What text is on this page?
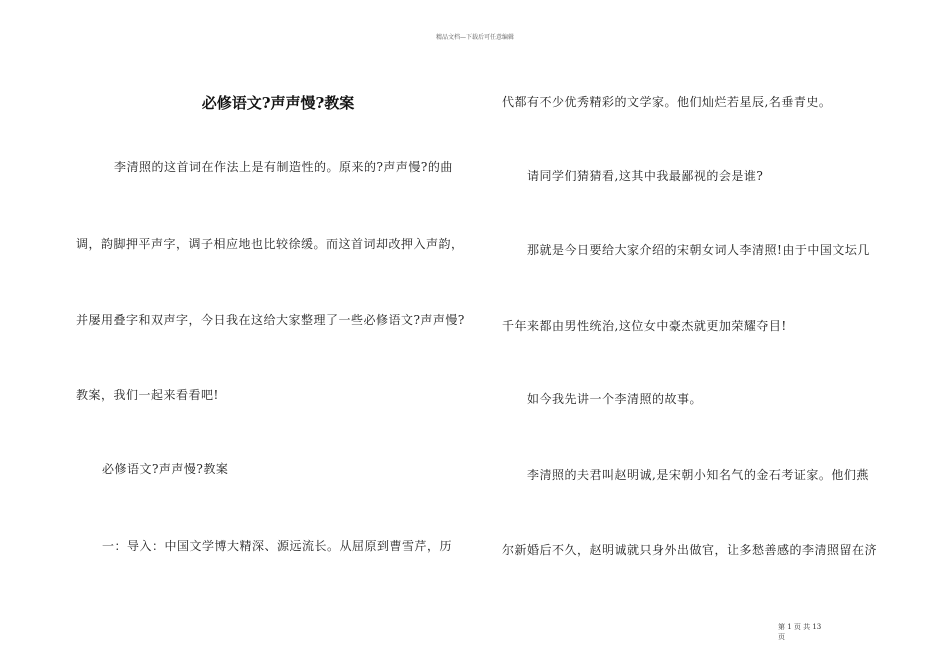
精品文档—下载后可任意编辑
必修语文?声声慢?教案
李清照的这首词在作法上是有制造性的。原来的?声声慢?的曲
调，韵脚押平声字，调子相应地也比较徐缓。而这首词却改押入声韵，
并屡用叠字和双声字，今日我在这给大家整理了一些必修语文?声声慢?
教案，我们一起来看看吧!
必修语文?声声慢?教案
一：导入：中国文学博大精深、源远流长。从屈原到曹雪芹，历
代都有不少优秀精彩的文学家。他们灿烂若星辰,名垂青史。
请同学们猜猜看,这其中我最鄙视的会是谁?
那就是今日要给大家介绍的宋朝女词人李清照!由于中国文坛几
千年来都由男性统治,这位女中豪杰就更加荣耀夺目!
如今我先讲一个李清照的故事。
李清照的夫君叫赵明诚,是宋朝小知名气的金石考证家。他们燕
尔新婚后不久，赵明诚就只身外出做官，让多愁善感的李清照留在济
第 1 页 共 13
页
